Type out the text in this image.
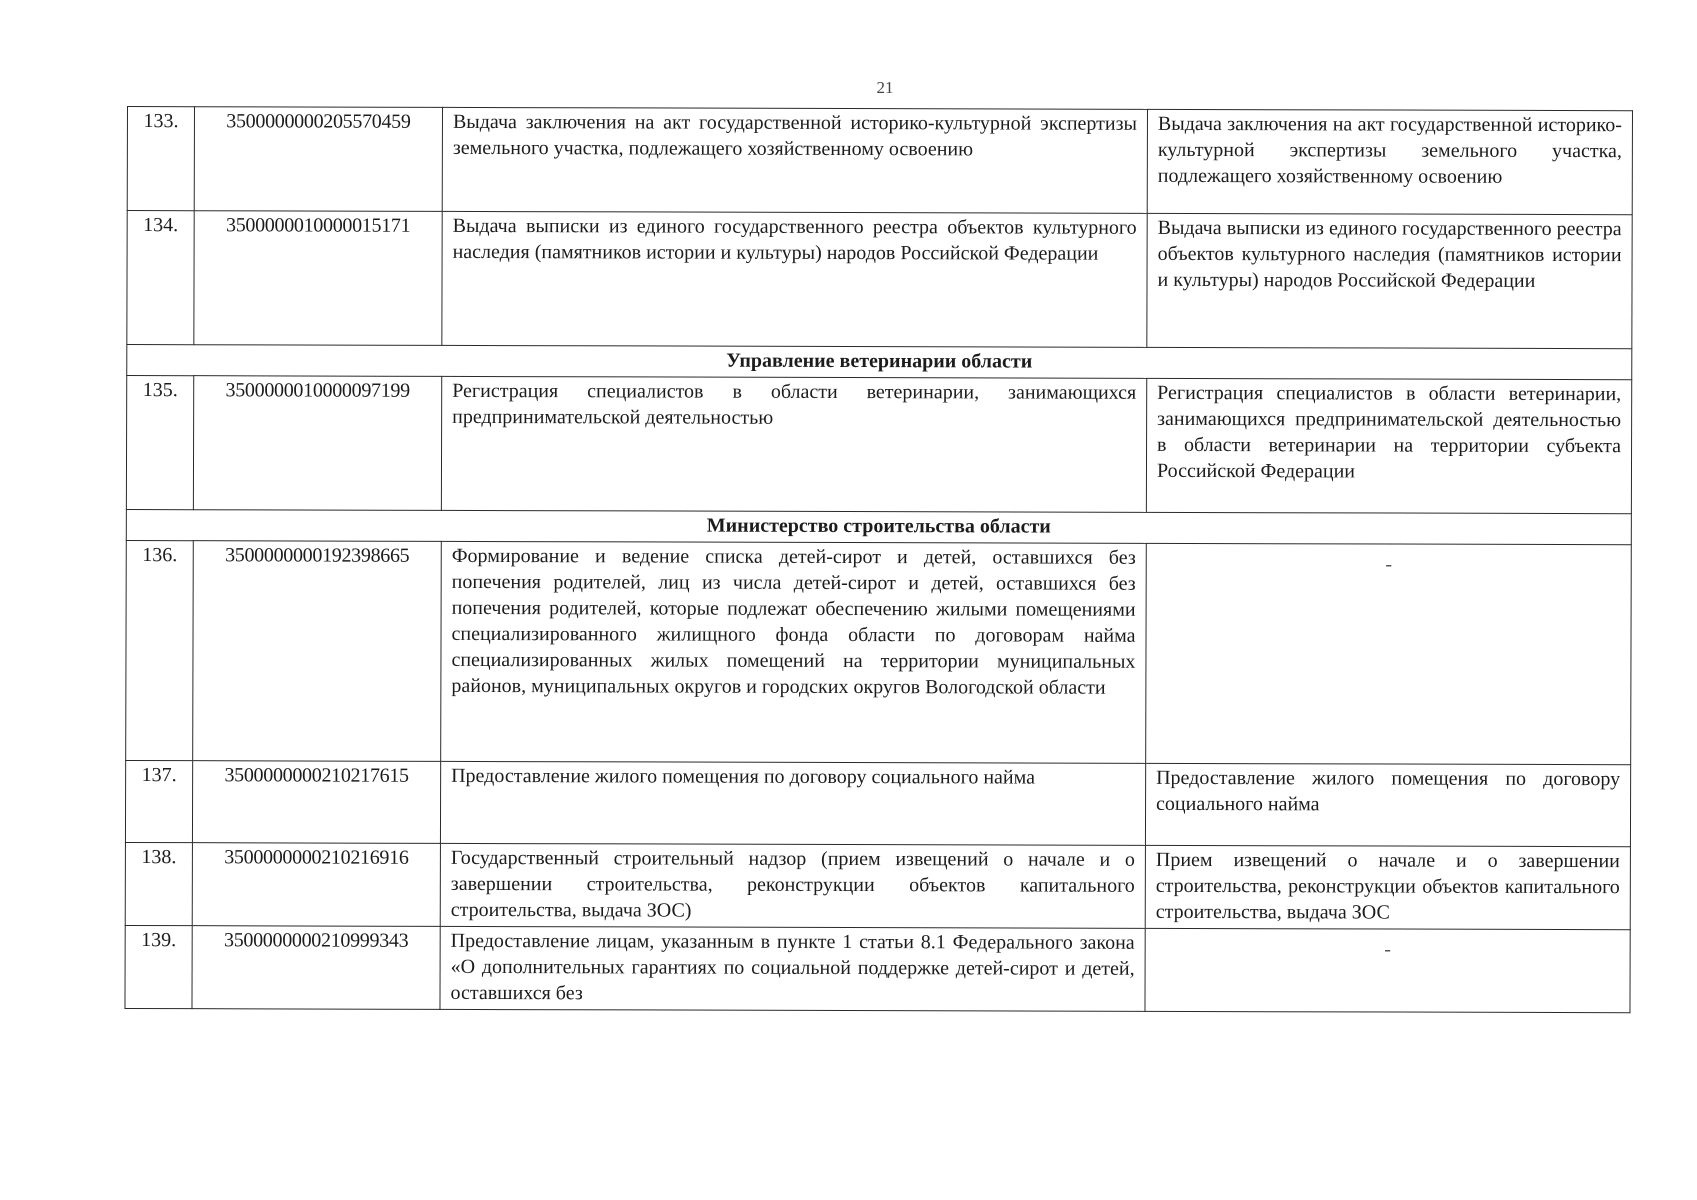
21
133.	3500000000205570459	Выдача заключения на акт государственной историко-культурной экспертизы земельного участка, подлежащего хозяйственному освоению	Выдача заключения на акт государственной историко-культурной экспертизы земельного участка, подлежащего хозяйственному освоению
134.	3500000010000015171	Выдача выписки из единого государственного реестра объектов культурного наследия (памятников истории и культуры) народов Российской Федерации	Выдача выписки из единого государственного реестра объектов культурного наследия (памятников истории и культуры) народов Российской Федерации
Управление ветеринарии области			
135.	3500000010000097199	Регистрация специалистов в области ветеринарии, занимающихся предпринимательской деятельностью	Регистрация специалистов в области ветеринарии, занимающихся предпринимательской деятельностью в области ветеринарии на территории субъекта Российской Федерации
Министерство строительства области			
136.	3500000000192398665	Формирование и ведение списка детей-сирот и детей, оставшихся без попечения родителей, лиц из числа детей-сирот и детей, оставшихся без попечения родителей, которые подлежат обеспечению жилыми помещениями специализированного жилищного фонда области по договорам найма специализированных жилых помещений на территории муниципальных районов, муниципальных округов и городских округов Вологодской области	-

137.	3500000000210217615	Предоставление жилого помещения по договору социального найма	Предоставление жилого помещения по договору социального найма
138.	3500000000210216916	Государственный строительный надзор (прием извещений о начале и о завершении строительства, реконструкции объектов капитального строительства, выдача ЗОС)	Прием извещений о начале и о завершении строительства, реконструкции объектов капитального строительства, выдача ЗОС
139.	3500000000210999343	Предоставление лицам, указанным в пункте 1 статьи 8.1 Федерального закона «О дополнительных гарантиях по социальной поддержке детей-сирот и детей, оставшихся без	-
